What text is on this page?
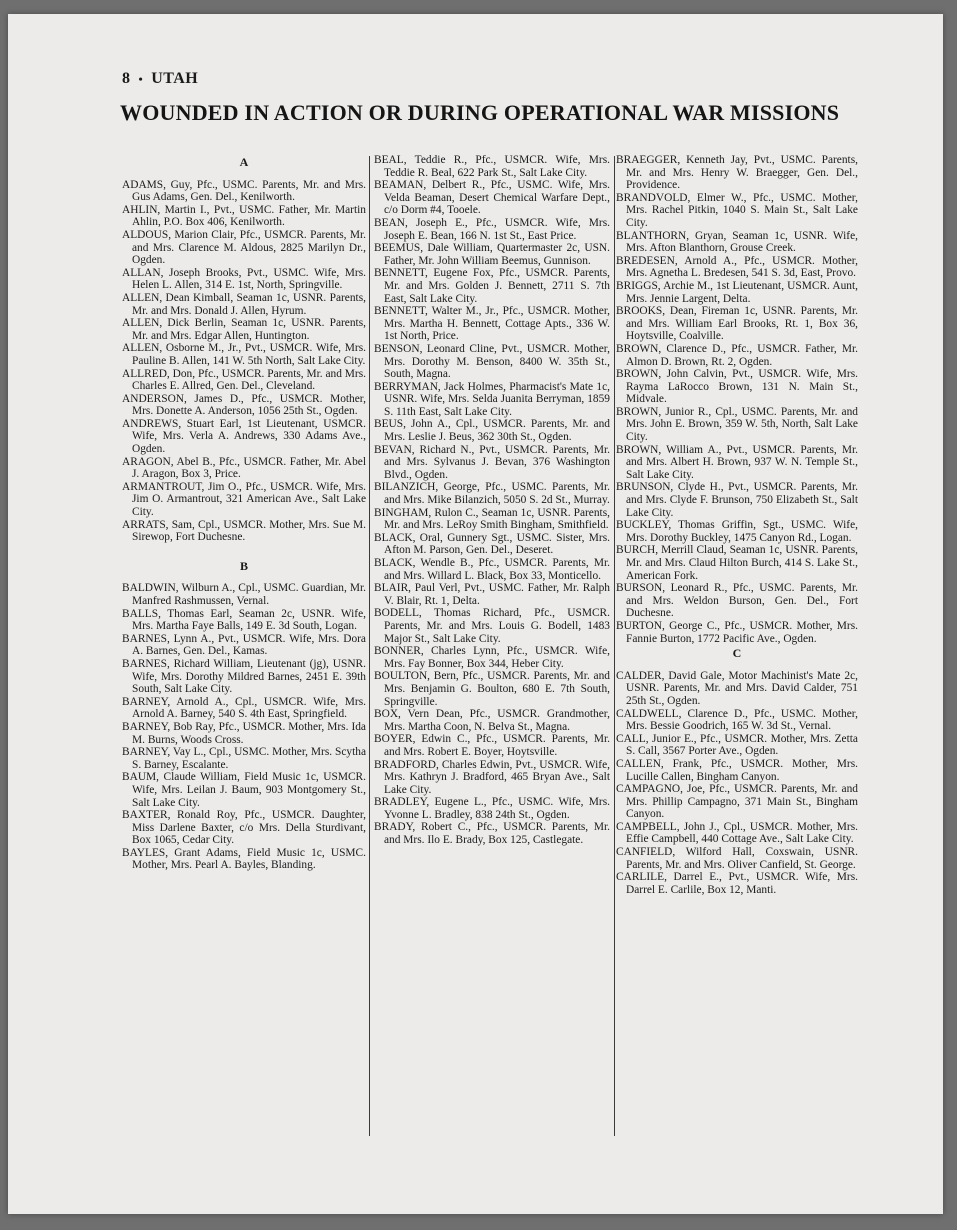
8 • UTAH
WOUNDED IN ACTION OR DURING OPERATIONAL WAR MISSIONS
A

ADAMS, Guy, Pfc., USMC. Parents, Mr. and Mrs. Gus Adams, Gen. Del., Kenilworth.

AHLIN, Martin I., Pvt., USMC. Father, Mr. Martin Ahlin, P.O. Box 406, Kenilworth.

ALDOUS, Marion Clair, Pfc., USMCR. Parents, Mr. and Mrs. Clarence M. Aldous, 2825 Marilyn Dr., Ogden.

ALLAN, Joseph Brooks, Pvt., USMC. Wife, Mrs. Helen L. Allen, 314 E. 1st, North, Springville.

ALLEN, Dean Kimball, Seaman 1c, USNR. Parents, Mr. and Mrs. Donald J. Allen, Hyrum.

ALLEN, Dick Berlin, Seaman 1c, USNR. Parents, Mr. and Mrs. Edgar Allen, Huntington.

ALLEN, Osborne M., Jr., Pvt., USMCR. Wife, Mrs. Pauline B. Allen, 141 W. 5th North, Salt Lake City.

ALLRED, Don, Pfc., USMCR. Parents, Mr. and Mrs. Charles E. Allred, Gen. Del., Cleveland.

ANDERSON, James D., Pfc., USMCR. Mother, Mrs. Donette A. Anderson, 1056 25th St., Ogden.

ANDREWS, Stuart Earl, 1st Lieutenant, USMCR. Wife, Mrs. Verla A. Andrews, 330 Adams Ave., Ogden.

ARAGON, Abel B., Pfc., USMCR. Father, Mr. Abel J. Aragon, Box 3, Price.

ARMANTROUT, Jim O., Pfc., USMCR. Wife, Mrs. Jim O. Armantrout, 321 American Ave., Salt Lake City.

ARRATS, Sam, Cpl., USMCR. Mother, Mrs. Sue M. Sirewop, Fort Duchesne.

B

BALDWIN, Wilburn A., Cpl., USMC. Guardian, Mr. Manfred Rashmussen, Vernal.

BALLS, Thomas Earl, Seaman 2c, USNR. Wife, Mrs. Martha Faye Balls, 149 E. 3d South, Logan.

BARNES, Lynn A., Pvt., USMCR. Wife, Mrs. Dora A. Barnes, Gen. Del., Kamas.

BARNES, Richard William, Lieutenant (jg), USNR. Wife, Mrs. Dorothy Mildred Barnes, 2451 E. 39th South, Salt Lake City.

BARNEY, Arnold A., Cpl., USMCR. Wife, Mrs. Arnold A. Barney, 540 S. 4th East, Springfield.

BARNEY, Bob Ray, Pfc., USMCR. Mother, Mrs. Ida M. Burns, Woods Cross.

BARNEY, Vay L., Cpl., USMC. Mother, Mrs. Scytha S. Barney, Escalante.

BAUM, Claude William, Field Music 1c, USMCR. Wife, Mrs. Leilan J. Baum, 903 Montgomery St., Salt Lake City.

BAXTER, Ronald Roy, Pfc., USMCR. Daughter, Miss Darlene Baxter, c/o Mrs. Della Sturdivant, Box 1065, Cedar City.

BAYLES, Grant Adams, Field Music 1c, USMC. Mother, Mrs. Pearl A. Bayles, Blanding.

BEAL, Teddie R., Pfc., USMCR. Wife, Mrs. Teddie R. Beal, 622 Park St., Salt Lake City.

BEAMAN, Delbert R., Pfc., USMC. Wife, Mrs. Velda Beaman, Desert Chemical Warfare Dept., c/o Dorm #4, Tooele.

BEAN, Joseph E., Pfc., USMCR. Wife, Mrs. Joseph E. Bean, 166 N. 1st St., East Price.

BEEMUS, Dale William, Quartermaster 2c, USN. Father, Mr. John William Beemus, Gunnison.

BENNETT, Eugene Fox, Pfc., USMCR. Parents, Mr. and Mrs. Golden J. Bennett, 2711 S. 7th East, Salt Lake City.

BENNETT, Walter M., Jr., Pfc., USMCR. Mother, Mrs. Martha H. Bennett, Cottage Apts., 336 W. 1st North, Price.

BENSON, Leonard Cline, Pvt., USMCR. Mother, Mrs. Dorothy M. Benson, 8400 W. 35th St., South, Magna.

BERRYMAN, Jack Holmes, Pharmacist's Mate 1c, USNR. Wife, Mrs. Selda Juanita Berryman, 1859 S. 11th East, Salt Lake City.

BEUS, John A., Cpl., USMCR. Parents, Mr. and Mrs. Leslie J. Beus, 362 30th St., Ogden.

BEVAN, Richard N., Pvt., USMCR. Parents, Mr. and Mrs. Sylvanus J. Bevan, 376 Washington Blvd., Ogden.

BILANZICH, George, Pfc., USMC. Parents, Mr. and Mrs. Mike Bilanzich, 5050 S. 2d St., Murray.

BINGHAM, Rulon C., Seaman 1c, USNR. Parents, Mr. and Mrs. LeRoy Smith Bingham, Smithfield.

BLACK, Oral, Gunnery Sgt., USMC. Sister, Mrs. Afton M. Parson, Gen. Del., Deseret.

BLACK, Wendle B., Pfc., USMCR. Parents, Mr. and Mrs. Willard L. Black, Box 33, Monticello.

BLAIR, Paul Verl, Pvt., USMC. Father, Mr. Ralph V. Blair, Rt. 1, Delta.

BODELL, Thomas Richard, Pfc., USMCR. Parents, Mr. and Mrs. Louis G. Bodell, 1483 Major St., Salt Lake City.

BONNER, Charles Lynn, Pfc., USMCR. Wife, Mrs. Fay Bonner, Box 344, Heber City.

BOULTON, Bern, Pfc., USMCR. Parents, Mr. and Mrs. Benjamin G. Boulton, 680 E. 7th South, Springville.

BOX, Vern Dean, Pfc., USMCR. Grandmother, Mrs. Martha Coon, N. Belva St., Magna.

BOYER, Edwin C., Pfc., USMCR. Parents, Mr. and Mrs. Robert E. Boyer, Hoytsville.

BRADFORD, Charles Edwin, Pvt., USMCR. Wife, Mrs. Kathryn J. Bradford, 465 Bryan Ave., Salt Lake City.

BRADLEY, Eugene L., Pfc., USMC. Wife, Mrs. Yvonne L. Bradley, 838 24th St., Ogden.

BRADY, Robert C., Pfc., USMCR. Parents, Mr. and Mrs. Ilo E. Brady, Box 125, Castlegate.

BRAEGGER, Kenneth Jay, Pvt., USMC. Parents, Mr. and Mrs. Henry W. Braegger, Gen. Del., Providence.

BRANDVOLD, Elmer W., Pfc., USMC. Mother, Mrs. Rachel Pitkin, 1040 S. Main St., Salt Lake City.

BLANTHORN, Gryan, Seaman 1c, USNR. Wife, Mrs. Afton Blanthorn, Grouse Creek.

BREDESEN, Arnold A., Pfc., USMCR. Mother, Mrs. Agnetha L. Bredesen, 541 S. 3d, East, Provo.

BRIGGS, Archie M., 1st Lieutenant, USMCR. Aunt, Mrs. Jennie Largent, Delta.

BROOKS, Dean, Fireman 1c, USNR. Parents, Mr. and Mrs. William Earl Brooks, Rt. 1, Box 36, Hoytsville, Coalville.

BROWN, Clarence D., Pfc., USMCR. Father, Mr. Almon D. Brown, Rt. 2, Ogden.

BROWN, John Calvin, Pvt., USMCR. Wife, Mrs. Rayma LaRocco Brown, 131 N. Main St., Midvale.

BROWN, Junior R., Cpl., USMC. Parents, Mr. and Mrs. John E. Brown, 359 W. 5th, North, Salt Lake City.

BROWN, William A., Pvt., USMCR. Parents, Mr. and Mrs. Albert H. Brown, 937 W. N. Temple St., Salt Lake City.

BRUNSON, Clyde H., Pvt., USMCR. Parents, Mr. and Mrs. Clyde F. Brunson, 750 Elizabeth St., Salt Lake City.

BUCKLEY, Thomas Griffin, Sgt., USMC. Wife, Mrs. Dorothy Buckley, 1475 Canyon Rd., Logan.

BURCH, Merrill Claud, Seaman 1c, USNR. Parents, Mr. and Mrs. Claud Hilton Burch, 414 S. Lake St., American Fork.

BURSON, Leonard R., Pfc., USMC. Parents, Mr. and Mrs. Weldon Burson, Gen. Del., Fort Duchesne.

BURTON, George C., Pfc., USMCR. Mother, Mrs. Fannie Burton, 1772 Pacific Ave., Ogden.

C

CALDER, David Gale, Motor Machinist's Mate 2c, USNR. Parents, Mr. and Mrs. David Calder, 751 25th St., Ogden.

CALDWELL, Clarence D., Pfc., USMC. Mother, Mrs. Bessie Goodrich, 165 W. 3d St., Vernal.

CALL, Junior E., Pfc., USMCR. Mother, Mrs. Zetta S. Call, 3567 Porter Ave., Ogden.

CALLEN, Frank, Pfc., USMCR. Mother, Mrs. Lucille Callen, Bingham Canyon.

CAMPAGNO, Joe, Pfc., USMCR. Parents, Mr. and Mrs. Phillip Campagno, 371 Main St., Bingham Canyon.

CAMPBELL, John J., Cpl., USMCR. Mother, Mrs. Effie Campbell, 440 Cottage Ave., Salt Lake City.

CANFIELD, Wilford Hall, Coxswain, USNR. Parents, Mr. and Mrs. Oliver Canfield, St. George.

CARLILE, Darrel E., Pvt., USMCR. Wife, Mrs. Darrel E. Carlile, Box 12, Manti.
